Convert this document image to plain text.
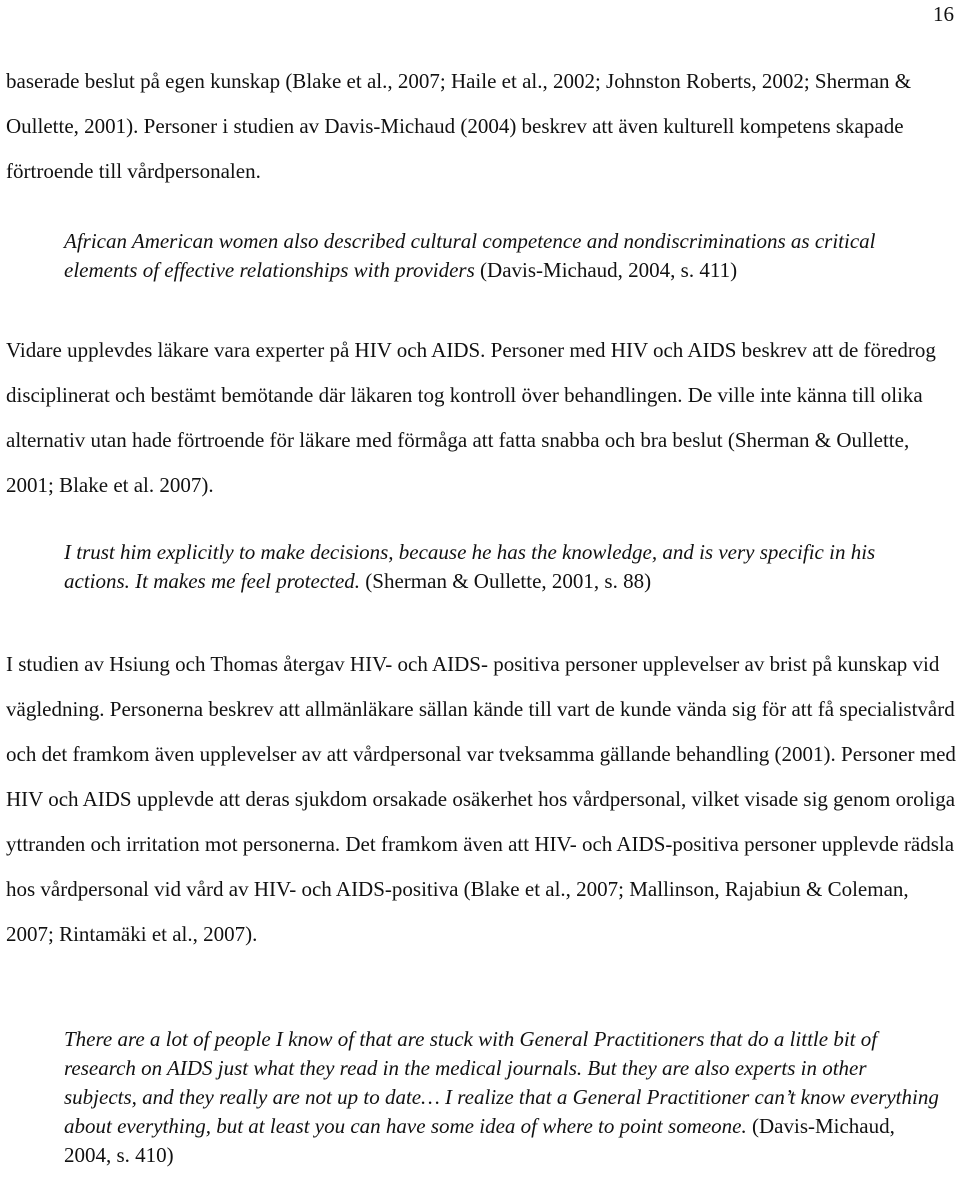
16

baserade beslut på egen kunskap (Blake et al., 2007; Haile et al., 2002; Johnston Roberts, 2002; Sherman & Oullette, 2001). Personer i studien av Davis-Michaud (2004) beskrev att även kulturell kompetens skapade förtroende till vårdpersonalen.

African American women also described cultural competence and nondiscriminations as critical elements of effective relationships with providers (Davis-Michaud, 2004, s. 411)

Vidare upplevdes läkare vara experter på HIV och AIDS. Personer med HIV och AIDS beskrev att de föredrog disciplinerat och bestämt bemötande där läkaren tog kontroll över behandlingen. De ville inte känna till olika alternativ utan hade förtroende för läkare med förmåga att fatta snabba och bra beslut (Sherman & Oullette, 2001; Blake et al. 2007).

I trust him explicitly to make decisions, because he has the knowledge, and is very specific in his actions. It makes me feel protected. (Sherman & Oullette, 2001, s. 88)

I studien av Hsiung och Thomas återgav HIV- och AIDS- positiva personer upplevelser av brist på kunskap vid vägledning. Personerna beskrev att allmänläkare sällan kände till vart de kunde vända sig för att få specialistvård och det framkom även upplevelser av att vårdpersonal var tveksamma gällande behandling (2001). Personer med HIV och AIDS upplevde att deras sjukdom orsakade osäkerhet hos vårdpersonal, vilket visade sig genom oroliga yttranden och irritation mot personerna. Det framkom även att HIV- och AIDS-positiva personer upplevde rädsla hos vårdpersonal vid vård av HIV- och AIDS-positiva (Blake et al., 2007; Mallinson, Rajabiun & Coleman, 2007; Rintamäki et al., 2007).

There are a lot of people I know of that are stuck with General Practitioners that do a little bit of research on AIDS just what they read in the medical journals. But they are also experts in other subjects, and they really are not up to date… I realize that a General Practitioner can’t know everything about everything, but at least you can have some idea of where to point someone. (Davis-Michaud, 2004, s. 410)
